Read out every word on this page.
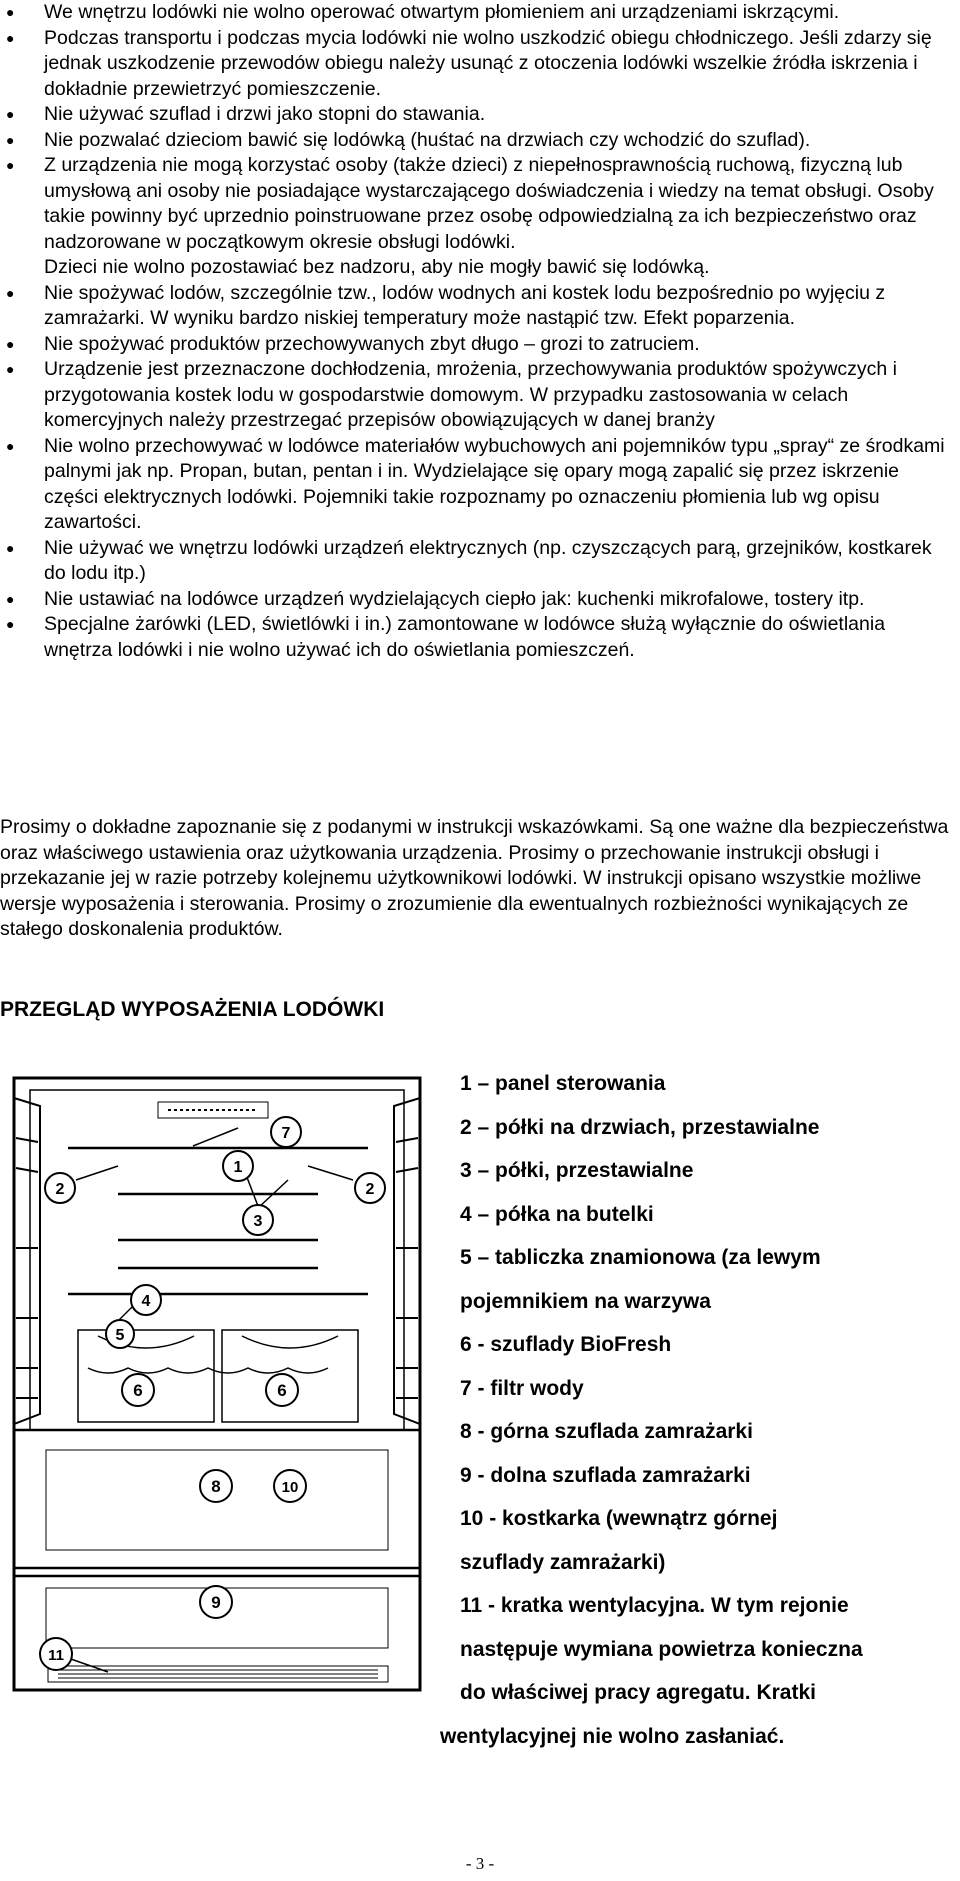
● We wnętrzu lodówki nie wolno operować otwartym płomieniem ani urządzeniami iskrzącymi.
● Podczas transportu i podczas mycia lodówki nie wolno uszkodzić obiegu chłodniczego. Jeśli zdarzy się jednak uszkodzenie przewodów obiegu należy usunąć z otoczenia lodówki wszelkie źródła iskrzenia i dokładnie przewietrzyć pomieszczenie.
● Nie używać szuflad i drzwi jako stopni do stawania.
● Nie pozwalać dzieciom bawić się lodówką (huśtać na drzwiach czy wchodzić do szuflad).
● Z urządzenia nie mogą korzystać osoby (także dzieci) z niepełnosprawnością ruchową, fizyczną lub umysłową ani osoby nie posiadające wystarczającego doświadczenia i wiedzy na temat obsługi. Osoby takie powinny być uprzednio poinstruowane przez osobę odpowiedzialną za ich bezpieczeństwo oraz nadzorowane w początkowym okresie obsługi lodówki.
Dzieci nie wolno pozostawiać bez nadzoru, aby nie mogły bawić się lodówką.
● Nie spożywać lodów, szczególnie tzw., lodów wodnych ani kostek lodu bezpośrednio po wyjęciu z zamrażarki. W wyniku bardzo niskiej temperatury może nastąpić tzw. Efekt poparzenia.
● Nie spożywać produktów przechowywanych zbyt długo – grozi to zatruciem.
● Urządzenie jest przeznaczone dochłodzenia, mrożenia, przechowywania produktów spożywczych i przygotowania kostek lodu w gospodarstwie domowym. W przypadku zastosowania w celach komercyjnych należy przestrzegać przepisów obowiązujących w danej branży
● Nie wolno przechowywać w lodówce materiałów wybuchowych ani pojemników typu „spray“ ze środkami palnymi jak np. Propan, butan, pentan i in. Wydzielające się opary mogą zapalić się przez iskrzenie części elektrycznych lodówki. Pojemniki takie rozpoznamy po oznaczeniu płomienia lub wg opisu zawartości.
● Nie używać we wnętrzu lodówki urządzeń elektrycznych (np. czyszczących parą, grzejników, kostkarek do lodu itp.)
● Nie ustawiać na lodówce urządzeń wydzielających ciepło jak: kuchenki mikrofalowe, tostery itp.
● Specjalne żarówki (LED, świetlówki i in.) zamontowane w lodówce służą wyłącznie do oświetlania wnętrza lodówki i nie wolno używać ich do oświetlania pomieszczeń.
Prosimy o dokładne zapoznanie się z podanymi w instrukcji wskazówkami. Są one ważne dla bezpieczeństwa oraz właściwego ustawienia oraz użytkowania urządzenia. Prosimy o przechowanie instrukcji obsługi i przekazanie jej w razie potrzeby kolejnemu użytkownikowi lodówki. W instrukcji opisano wszystkie możliwe wersje wyposażenia i sterowania. Prosimy o zrozumienie dla ewentualnych rozbieżności wynikających ze stałego doskonalenia produktów.
PRZEGLĄD WYPOSAŻENIA LODÓWKI
1
2	2
3
4
5
6	6
7
8
9
10
11
1 – panel sterowania
2 – półki na drzwiach, przestawialne
3 – półki, przestawialne
4 – półka na butelki
5 – tabliczka znamionowa (za lewym
pojemnikiem na warzywa
6 - szuflady BioFresh
7 - filtr wody
8 - górna szuflada zamrażarki
9 - dolna szuflada zamrażarki
10 - kostkarka (wewnątrz górnej
szuflady zamrażarki)
11 - kratka wentylacyjna. W tym rejonie
następuje wymiana powietrza konieczna
do właściwej pracy agregatu. Kratki
wentylacyjnej nie wolno zasłaniać.
- 3 -
